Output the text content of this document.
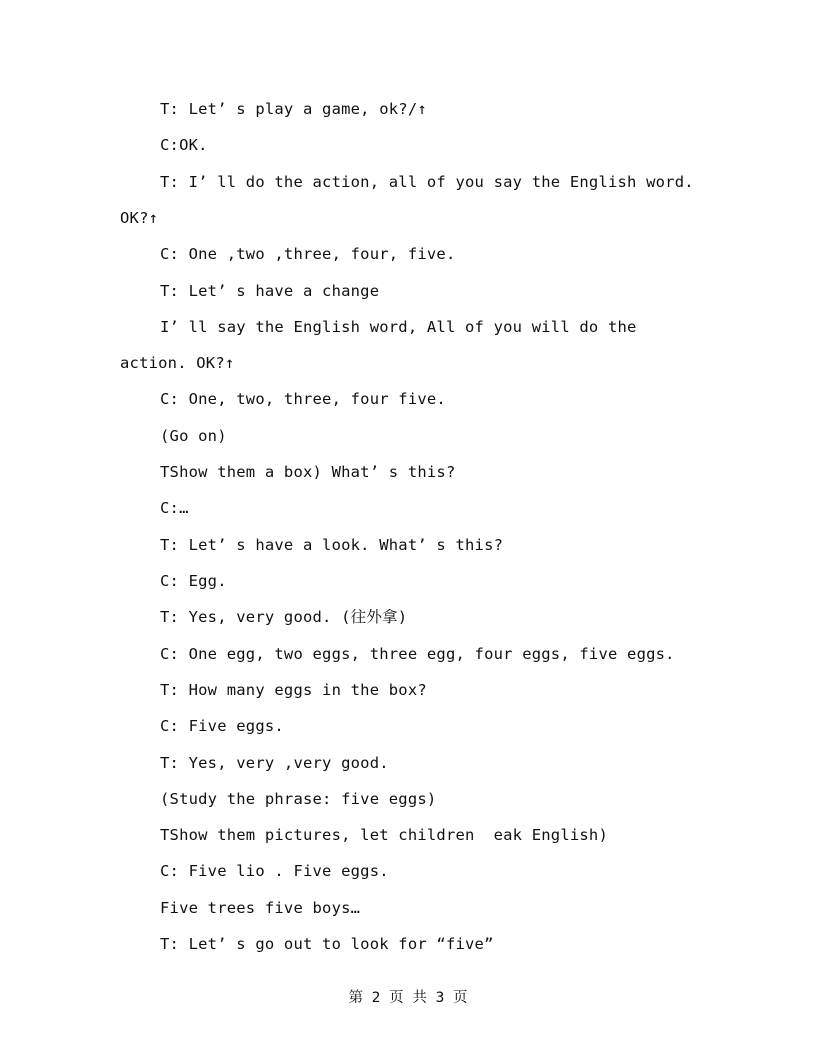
T: Let’ s play a game, ok?/↑
C:OK.
T: I’ ll do the action, all of you say the English word.
OK?↑
C: One ,two ,three, four, five.
T: Let’ s have a change
I’ ll say the English word, All of you will do the
action. OK?↑
C: One, two, three, four five.
(Go on)
TShow them a box) What’ s this?
C:…
T: Let’ s have a look. What’ s this?
C: Egg.
T: Yes, very good. (往外拿)
C: One egg, two eggs, three egg, four eggs, five eggs.
T: How many eggs in the box?
C: Five eggs.
T: Yes, very ,very good.
(Study the phrase: five eggs)
TShow them pictures, let children  eak English)
C: Five lio . Five eggs.
Five trees five boys…
T: Let’ s go out to look for “five”
第 2 页 共 3 页
